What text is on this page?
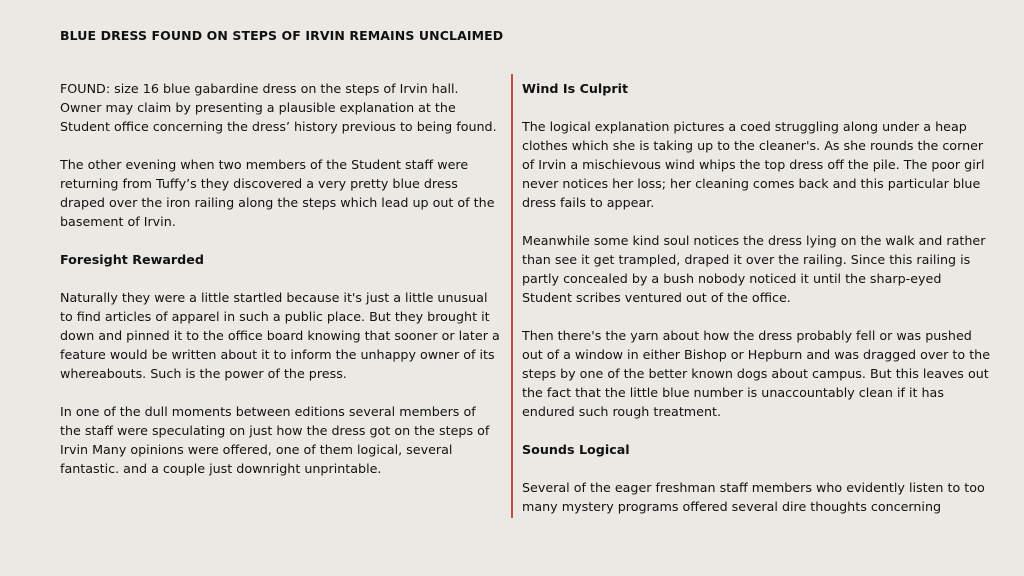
BLUE DRESS FOUND ON STEPS OF IRVIN REMAINS UNCLAIMED

FOUND: size 16 blue gabardine dress on the steps of Irvin hall. Owner may claim by presenting a plausible explanation at the Student office concerning the dress’ history previous to being found.

The other evening when two members of the Student staff were returning from Tuffy’s they discovered a very pretty blue dress draped over the iron railing along the steps which lead up out of the basement of Irvin.

Foresight Rewarded

Naturally they were a little startled because it's just a little unusual to find articles of apparel in such a public place. But they brought it down and pinned it to the office board knowing that sooner or later a feature would be written about it to inform the unhappy owner of its whereabouts. Such is the power of the press.

In one of the dull moments between editions several members of the staff were speculating on just how the dress got on the steps of Irvin Many opinions were offered, one of them logical, several fantastic. and a couple just downright unprintable.

Wind Is Culprit

The logical explanation pictures a coed struggling along under a heap clothes which she is taking up to the cleaner's. As she rounds the corner of Irvin a mischievous wind whips the top dress off the pile. The poor girl never notices her loss; her cleaning comes back and this particular blue dress fails to appear.

Meanwhile some kind soul notices the dress lying on the walk and rather than see it get trampled, draped it over the railing. Since this railing is partly concealed by a bush nobody noticed it until the sharp-eyed Student scribes ventured out of the office.

Then there's the yarn about how the dress probably fell or was pushed out of a window in either Bishop or Hepburn and was dragged over to the steps by one of the better known dogs about campus. But this leaves out the fact that the little blue number is unaccountably clean if it has endured such rough treatment.

Sounds Logical

Several of the eager freshman staff members who evidently listen to too many mystery programs offered several dire thoughts concerning
